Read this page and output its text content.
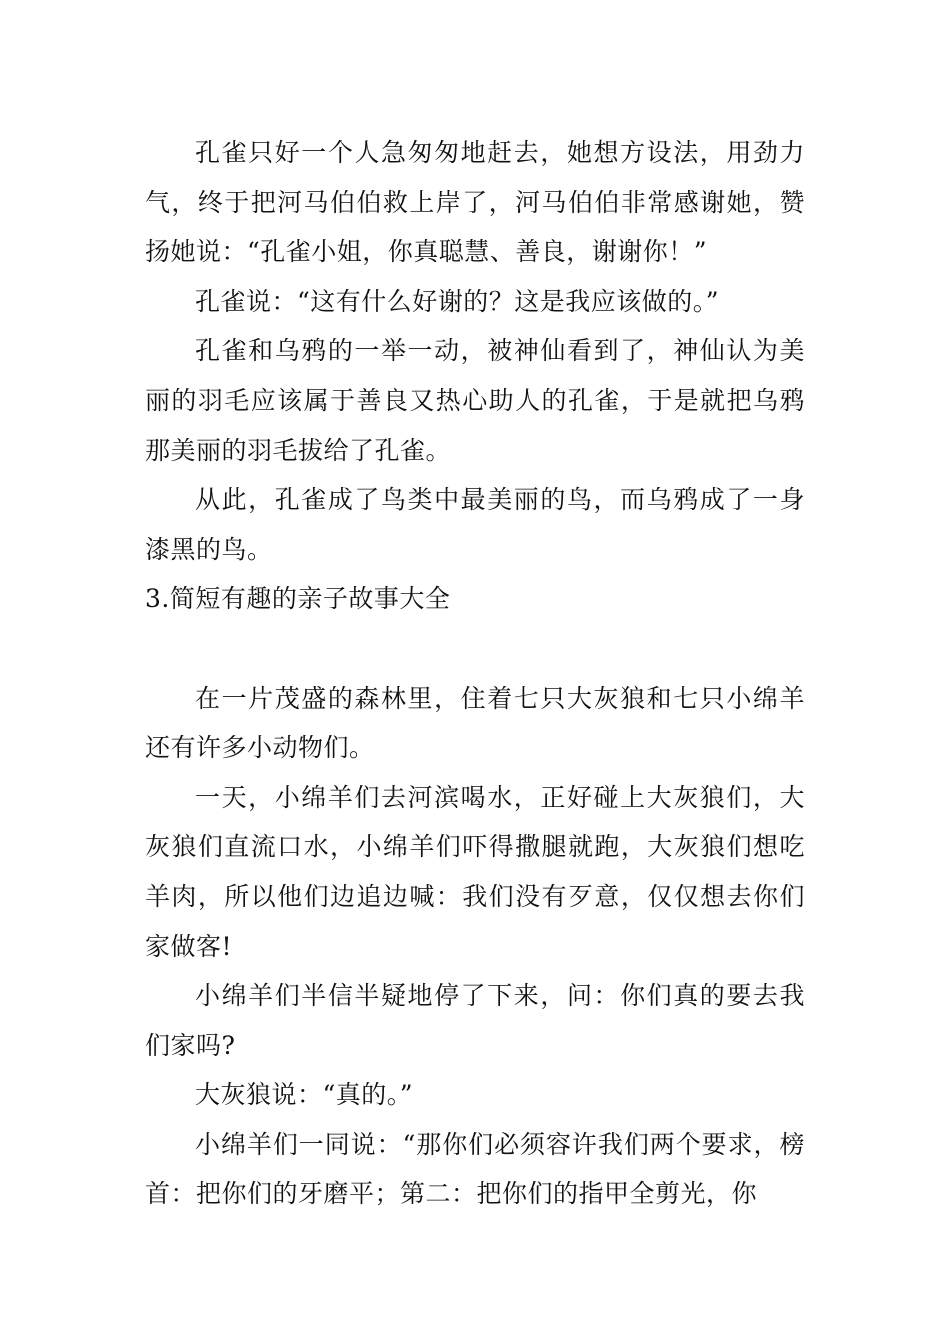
孔雀只好一个人急匆匆地赶去，她想方设法，用劲力气，终于把河马伯伯救上岸了，河马伯伯非常感谢她，赞扬她说：“孔雀小姐，你真聪慧、善良，谢谢你！”

孔雀说：“这有什么好谢的？这是我应该做的。”

孔雀和乌鸦的一举一动，被神仙看到了，神仙认为美丽的羽毛应该属于善良又热心助人的孔雀，于是就把乌鸦那美丽的羽毛拔给了孔雀。

从此，孔雀成了鸟类中最美丽的鸟，而乌鸦成了一身漆黑的鸟。

3.简短有趣的亲子故事大全

在一片茂盛的森林里，住着七只大灰狼和七只小绵羊还有许多小动物们。

一天，小绵羊们去河滨喝水，正好碰上大灰狼们，大灰狼们直流口水，小绵羊们吓得撒腿就跑，大灰狼们想吃羊肉，所以他们边追边喊：我们没有歹意，仅仅想去你们家做客!

小绵羊们半信半疑地停了下来，问：你们真的要去我们家吗?

大灰狼说：“真的。”

小绵羊们一同说：“那你们必须容许我们两个要求，榜首：把你们的牙磨平；第二：把你们的指甲全剪光，你
